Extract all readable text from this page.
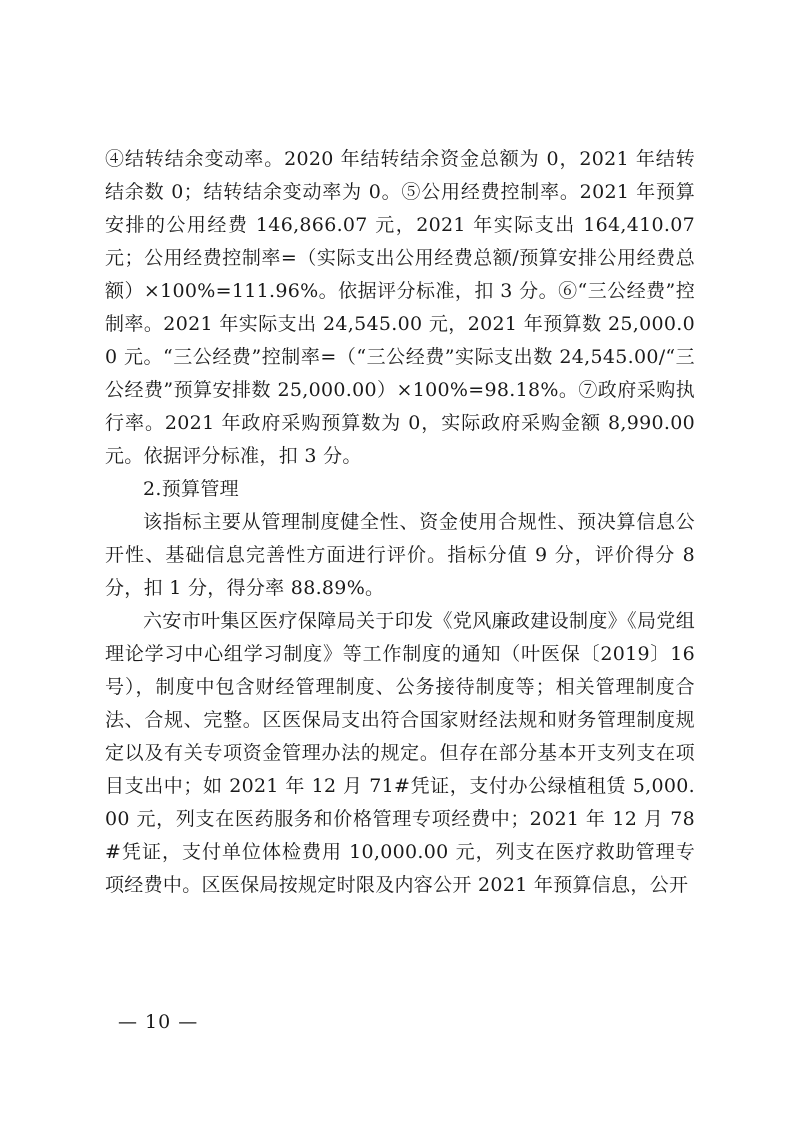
④结转结余变动率。2020 年结转结余资金总额为 0，2021 年结转结余数 0；结转结余变动率为 0。⑤公用经费控制率。2021 年预算安排的公用经费 146,866.07 元，2021 年实际支出 164,410.07 元；公用经费控制率=（实际支出公用经费总额/预算安排公用经费总额）×100%=111.96%。依据评分标准，扣 3 分。⑥“三公经费”控制率。2021 年实际支出 24,545.00 元，2021 年预算数 25,000.00 元。“三公经费”控制率=（“三公经费”实际支出数 24,545.00/“三公经费”预算安排数 25,000.00）×100%=98.18%。⑦政府采购执行率。2021 年政府采购预算数为 0，实际政府采购金额 8,990.00 元。依据评分标准，扣 3 分。

2.预算管理

该指标主要从管理制度健全性、资金使用合规性、预决算信息公开性、基础信息完善性方面进行评价。指标分值 9 分，评价得分 8 分，扣 1 分，得分率 88.89%。

六安市叶集区医疗保障局关于印发《党风廉政建设制度》《局党组理论学习中心组学习制度》等工作制度的通知（叶医保〔2019〕16 号），制度中包含财经管理制度、公务接待制度等；相关管理制度合法、合规、完整。区医保局支出符合国家财经法规和财务管理制度规定以及有关专项资金管理办法的规定。但存在部分基本开支列支在项目支出中；如 2021 年 12 月 71#凭证，支付办公绿植租赁 5,000.00 元，列支在医药服务和价格管理专项经费中；2021 年 12 月 78#凭证，支付单位体检费用 10,000.00 元，列支在医疗救助管理专项经费中。区医保局按规定时限及内容公开 2021 年预算信息，公开

— 10 —
